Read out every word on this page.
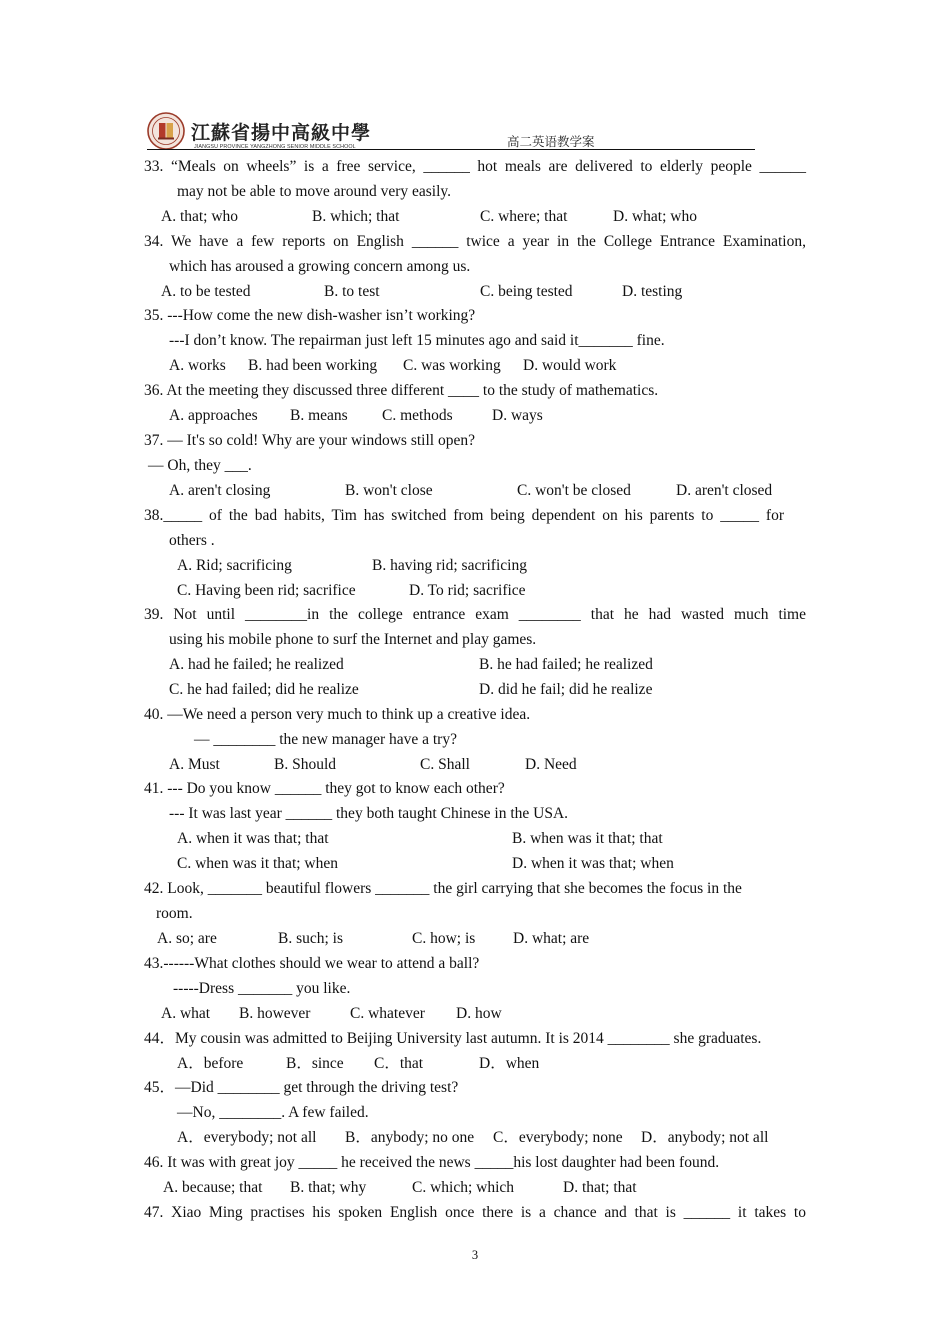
江蘇省揚中高級中學
JIANGSU PROVINCE YANGZHONG SENIOR MIDDLE SCHOOL	高二英语教学案
33. “Meals on wheels” is a free service, ______ hot meals are delivered to elderly people ______
may not be able to move around very easily.
A. that; who	B. which; that	C. where; that	D. what; who
34. We have a few reports on English ______ twice a year in the College Entrance Examination,
which has aroused a growing concern among us.
A. to be tested	B. to test	C. being tested	D. testing
35. ---How come the new dish-washer isn’t working?
---I don’t know. The repairman just left 15 minutes ago and said it_______ fine.
A. works B. had been working C. was working D. would work
36. At the meeting they discussed three different ____ to the study of mathematics.
A. approaches B. means C. methods	D. ways
37. — It's so cold! Why are your windows still open?
— Oh, they ___.
A. aren't closing	B. won't close	C. won't be closed	D. aren't closed
38._____ of the bad habits, Tim has switched from being dependent on his parents to _____ for
others .
A. Rid; sacrificing	B. having rid; sacrificing
C. Having been rid; sacrifice	D. To rid; sacrifice
39. Not until ________in the college entrance exam ________ that he had wasted much time
using his mobile phone to surf the Internet and play games.
A. had he failed; he realized	B. he had failed; he realized
C. he had failed; did he realize	D. did he fail; did he realize
40. —We need a person very much to think up a creative idea.
— ________ the new manager have a try?
A. Must	B. Should	C. Shall	D. Need
41. --- Do you know ______ they got to know each other?
--- It was last year ______ they both taught Chinese in the USA.
A. when it was that; that	B. when was it that; that
C. when was it that; when	D. when it was that; when
42. Look, _______ beautiful flowers _______ the girl carrying that she becomes the focus in the
room.
A. so; are	B. such; is	C. how; is D. what; are
43.------What clothes should we wear to attend a ball?
-----Dress _______ you like.
A. what B. however	C. whatever D. how
44．My cousin was admitted to Beijing University last autumn. It is 2014 ________ she graduates.
A．before	B．since C．that	D．when
45．—Did ________ get through the driving test?
—No, ________. A few failed.
A．everybody; not all B．anybody; no one C．everybody; none D．anybody; not all
46. It was with great joy _____ he received the news _____his lost daughter had been found.
A. because; that B. that; why	C. which; which	D. that; that
47. Xiao Ming practises his spoken English once there is a chance and that is ______ it takes to
3
